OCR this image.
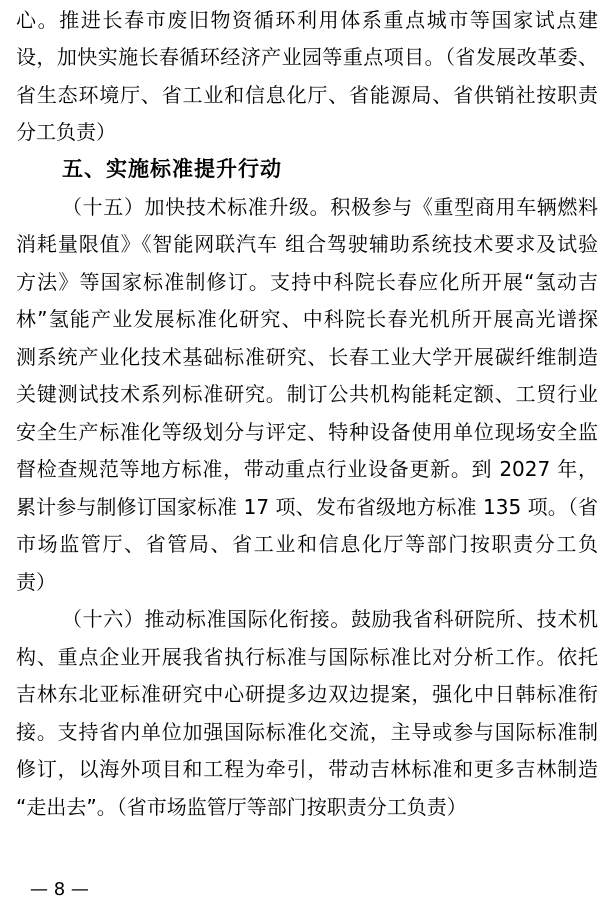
心。推进长春市废旧物资循环利用体系重点城市等国家试点建
设，加快实施长春循环经济产业园等重点项目。（省发展改革委、
省生态环境厅、省工业和信息化厅、省能源局、省供销社按职责
分工负责）
五、实施标准提升行动
（十五）加快技术标准升级。积极参与《重型商用车辆燃料
消耗量限值》《智能网联汽车 组合驾驶辅助系统技术要求及试验
方法》等国家标准制修订。支持中科院长春应化所开展“氢动吉
林”氢能产业发展标准化研究、中科院长春光机所开展高光谱探
测系统产业化技术基础标准研究、长春工业大学开展碳纤维制造
关键测试技术系列标准研究。制订公共机构能耗定额、工贸行业
安全生产标准化等级划分与评定、特种设备使用单位现场安全监
督检查规范等地方标准，带动重点行业设备更新。到 2027 年，
累计参与制修订国家标准 17 项、发布省级地方标准 135 项。（省
市场监管厅、省管局、省工业和信息化厅等部门按职责分工负
责）
（十六）推动标准国际化衔接。鼓励我省科研院所、技术机
构、重点企业开展我省执行标准与国际标准比对分析工作。依托
吉林东北亚标准研究中心研提多边双边提案，强化中日韩标准衔
接。支持省内单位加强国际标准化交流，主导或参与国际标准制
修订，以海外项目和工程为牵引，带动吉林标准和更多吉林制造
“走出去”。（省市场监管厅等部门按职责分工负责）
— 8 —
